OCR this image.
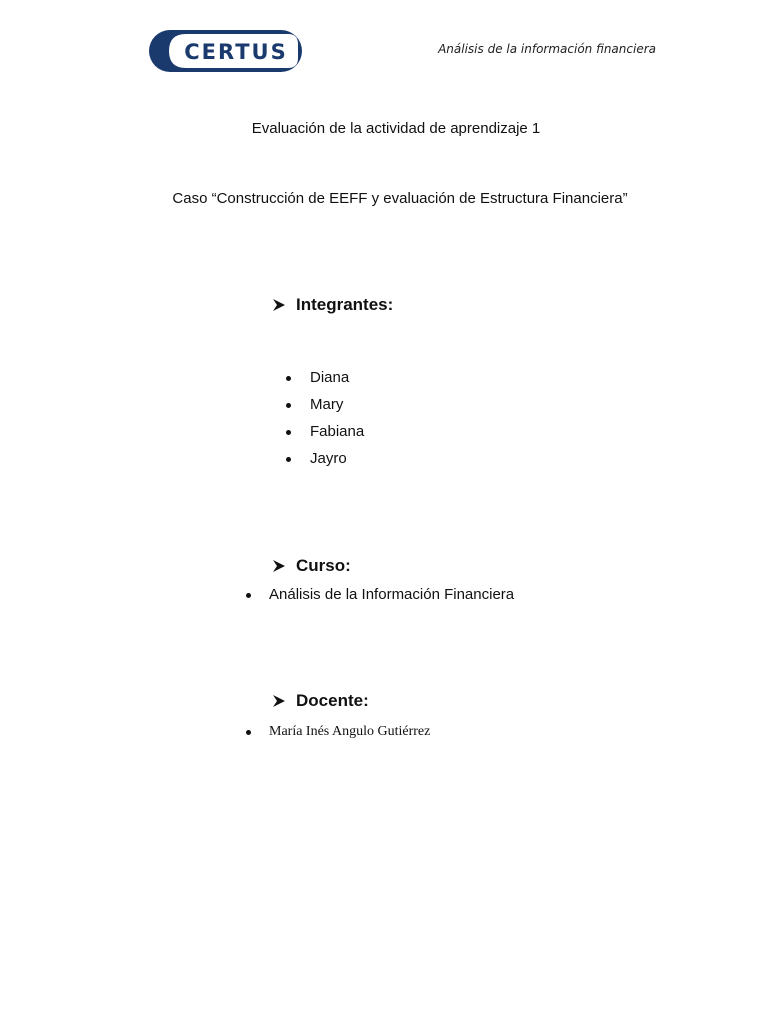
CERTUS	Análisis de la información financiera
Evaluación de la actividad de aprendizaje 1
Caso “Construcción de EEFF y evaluación de Estructura Financiera”
Integrantes:
Diana
Mary
Fabiana
Jayro
Curso:
Análisis de la Información Financiera
Docente:
María Inés Angulo Gutiérrez
